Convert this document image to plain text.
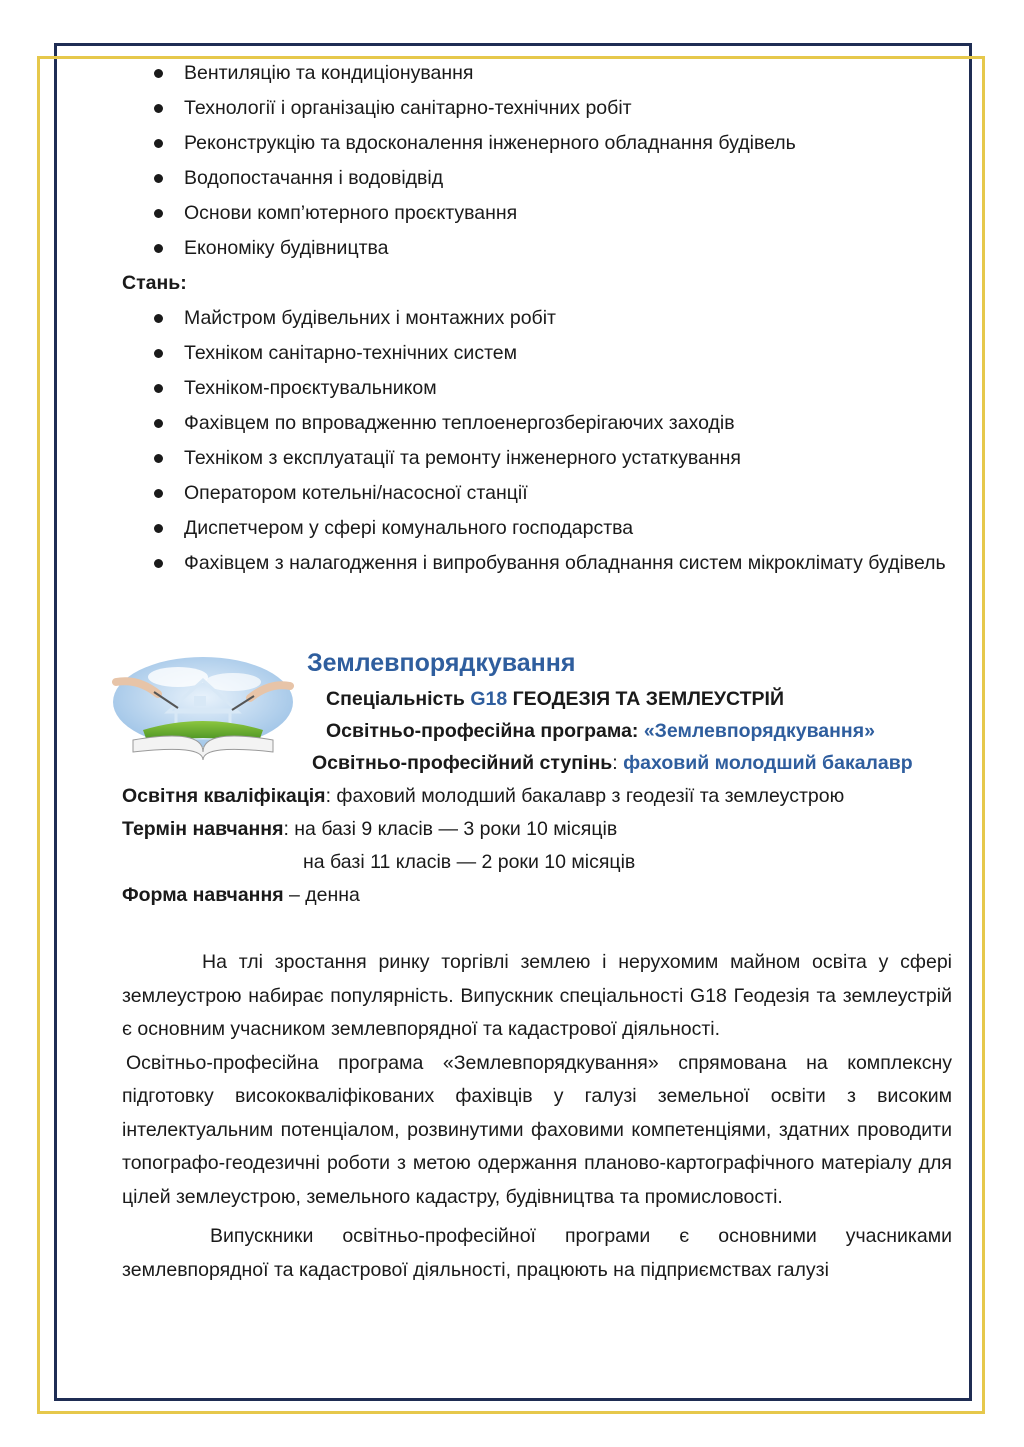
Вентиляцію та кондиціонування
Технології і організацію санітарно-технічних робіт
Реконструкцію та вдосконалення інженерного обладнання будівель
Водопостачання і водовідвід
Основи комп’ютерного проєктування
Економіку будівництва
Стань:
Майстром будівельних і монтажних робіт
Техніком санітарно-технічних систем
Техніком-проєктувальником
Фахівцем по впровадженню теплоенергозберігаючих заходів
Техніком з експлуатації та ремонту інженерного устаткування
Оператором котельні/насосної станції
Диспетчером у сфері комунального господарства
Фахівцем з налагодження і випробування обладнання систем мікроклімату будівель
Землевпорядкування
Спеціальність G18 ГЕОДЕЗІЯ ТА ЗЕМЛЕУСТРІЙ
Освітньо-професійна програма: «Землевпорядкування»
Освітньо-професійний ступінь: фаховий молодший бакалавр
Освітня кваліфікація: фаховий молодший бакалавр з геодезії та землеустрою
Термін навчання: на базі 9 класів — 3 роки 10 місяців
на базі 11 класів — 2 роки 10 місяців
Форма навчання – денна

На тлі зростання ринку торгівлі землею і нерухомим майном освіта у сфері землеустрою набирає популярність. Випускник спеціальності G18 Геодезія та землеустрій є основним учасником землевпорядної та кадастрової діяльності.

Освітньо-професійна програма «Землевпорядкування» спрямована на комплексну підготовку висококваліфікованих фахівців у галузі земельної освіти з високим інтелектуальним потенціалом, розвинутими фаховими компетенціями, здатних проводити топографо-геодезичні роботи з метою одержання планово-картографічного матеріалу для цілей землеустрою, земельного кадастру, будівництва та промисловості.

Випускники освітньо-професійної програми є основними учасниками землевпорядної та кадастрової діяльності, працюють на підприємствах галузі
